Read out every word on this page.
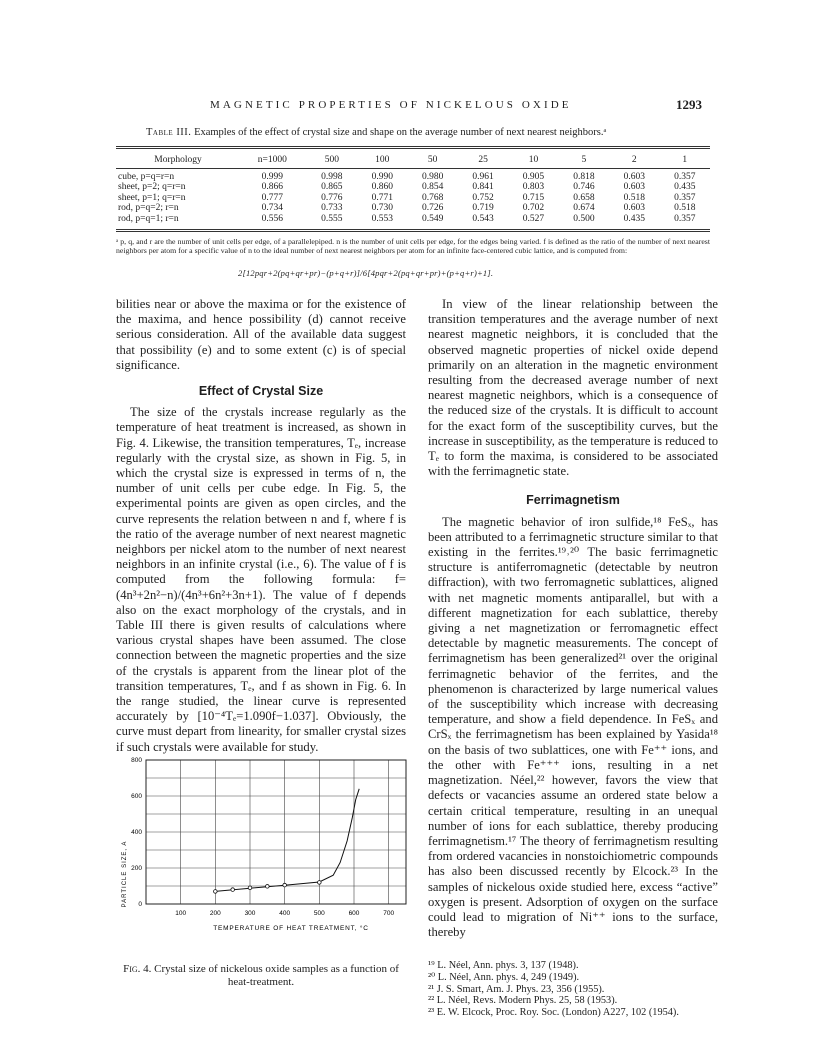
MAGNETIC PROPERTIES OF NICKELOUS OXIDE	1293
Table III. Examples of the effect of crystal size and shape on the average number of next nearest neighbors.ᵃ
Morphology	n=1000	500	100	50	25	10	5	2	1
cube, p=q=r=n	0.999	0.998	0.990	0.980	0.961	0.905	0.818	0.603	0.357
sheet, p=2; q=r=n	0.866	0.865	0.860	0.854	0.841	0.803	0.746	0.603	0.435
sheet, p=1; q=r=n	0.777	0.776	0.771	0.768	0.752	0.715	0.658	0.518	0.357
rod, p=q=2; r=n	0.734	0.733	0.730	0.726	0.719	0.702	0.674	0.603	0.518
rod, p=q=1; r=n	0.556	0.555	0.553	0.549	0.543	0.527	0.500	0.435	0.357
ᵃ p, q, and r are the number of unit cells per edge, of a parallelepiped. n is the number of unit cells per edge, for the edges being varied. f is defined as the ratio of the number of next nearest neighbors per atom for a specific value of n to the ideal number of next nearest neighbors per atom for an infinite face-centered cubic lattice, and is computed from:
2[12pqr+2(pq+qr+pr)−(p+q+r)]/6[4pqr+2(pq+qr+pr)+(p+q+r)+1].

bilities near or above the maxima or for the existence of the maxima, and hence possibility (d) cannot receive serious consideration. All of the available data suggest that possibility (e) and to some extent (c) is of special significance.

Effect of Crystal Size

The size of the crystals increase regularly as the temperature of heat treatment is increased, as shown in Fig. 4. Likewise, the transition temperatures, Tₑ, increase regularly with the crystal size, as shown in Fig. 5, in which the crystal size is expressed in terms of n, the number of unit cells per cube edge. In Fig. 5, the experimental points are given as open circles, and the curve represents the relation between n and f, where f is the ratio of the average number of next nearest magnetic neighbors per nickel atom to the number of next nearest neighbors in an infinite crystal (i.e., 6). The value of f is computed from the following formula: f=(4n³+2n²−n)/(4n³+6n²+3n+1). The value of f depends also on the exact morphology of the crystals, and in Table III there is given results of calculations where various crystal shapes have been assumed. The close connection between the magnetic properties and the size of the crystals is apparent from the linear plot of the transition temperatures, Tₑ, and f as shown in Fig. 6. In the range studied, the linear curve is represented accurately by [10⁻⁴Tₑ=1.090f−1.037]. Obviously, the curve must depart from linearity, for smaller crystal sizes if such crystals were available for study.

100	200	300	400	500	600	700
200
400
600
800
0
PARTICLE SIZE, A
TEMPERATURE OF HEAT TREATMENT, °C
Fig. 4. Crystal size of nickelous oxide samples as a function of heat-treatment.

In view of the linear relationship between the transition temperatures and the average number of next nearest magnetic neighbors, it is concluded that the observed magnetic properties of nickel oxide depend primarily on an alteration in the magnetic environment resulting from the decreased average number of next nearest magnetic neighbors, which is a consequence of the reduced size of the crystals. It is difficult to account for the exact form of the susceptibility curves, but the increase in susceptibility, as the temperature is reduced to Tₑ to form the maxima, is considered to be associated with the ferrimagnetic state.

Ferrimagnetism

The magnetic behavior of iron sulfide,¹⁸ FeSₓ, has been attributed to a ferrimagnetic structure similar to that existing in the ferrites.¹⁹˒²⁰ The basic ferrimagnetic structure is antiferromagnetic (detectable by neutron diffraction), with two ferromagnetic sublattices, aligned with net magnetic moments antiparallel, but with a different magnetization for each sublattice, thereby giving a net magnetization or ferromagnetic effect detectable by magnetic measurements. The concept of ferrimagnetism has been generalized²¹ over the original ferrimagnetic behavior of the ferrites, and the phenomenon is characterized by large numerical values of the susceptibility which increase with decreasing temperature, and show a field dependence. In FeSₓ and CrSₓ the ferrimagnetism has been explained by Yasida¹⁸ on the basis of two sublattices, one with Fe⁺⁺ ions, and the other with Fe⁺⁺⁺ ions, resulting in a net magnetization. Néel,²² however, favors the view that defects or vacancies assume an ordered state below a certain critical temperature, resulting in an unequal number of ions for each sublattice, thereby producing ferrimagnetism.¹⁷ The theory of ferrimagnetism resulting from ordered vacancies in nonstoichiometric compounds has also been discussed recently by Elcock.²³ In the samples of nickelous oxide studied here, excess “active” oxygen is present. Adsorption of oxygen on the surface could lead to migration of Ni⁺⁺ ions to the surface, thereby

¹⁹ L. Néel, Ann. phys. 3, 137 (1948).
²⁰ L. Néel, Ann. phys. 4, 249 (1949).
²¹ J. S. Smart, Am. J. Phys. 23, 356 (1955).
²² L. Néel, Revs. Modern Phys. 25, 58 (1953).
²³ E. W. Elcock, Proc. Roy. Soc. (London) A227, 102 (1954).
